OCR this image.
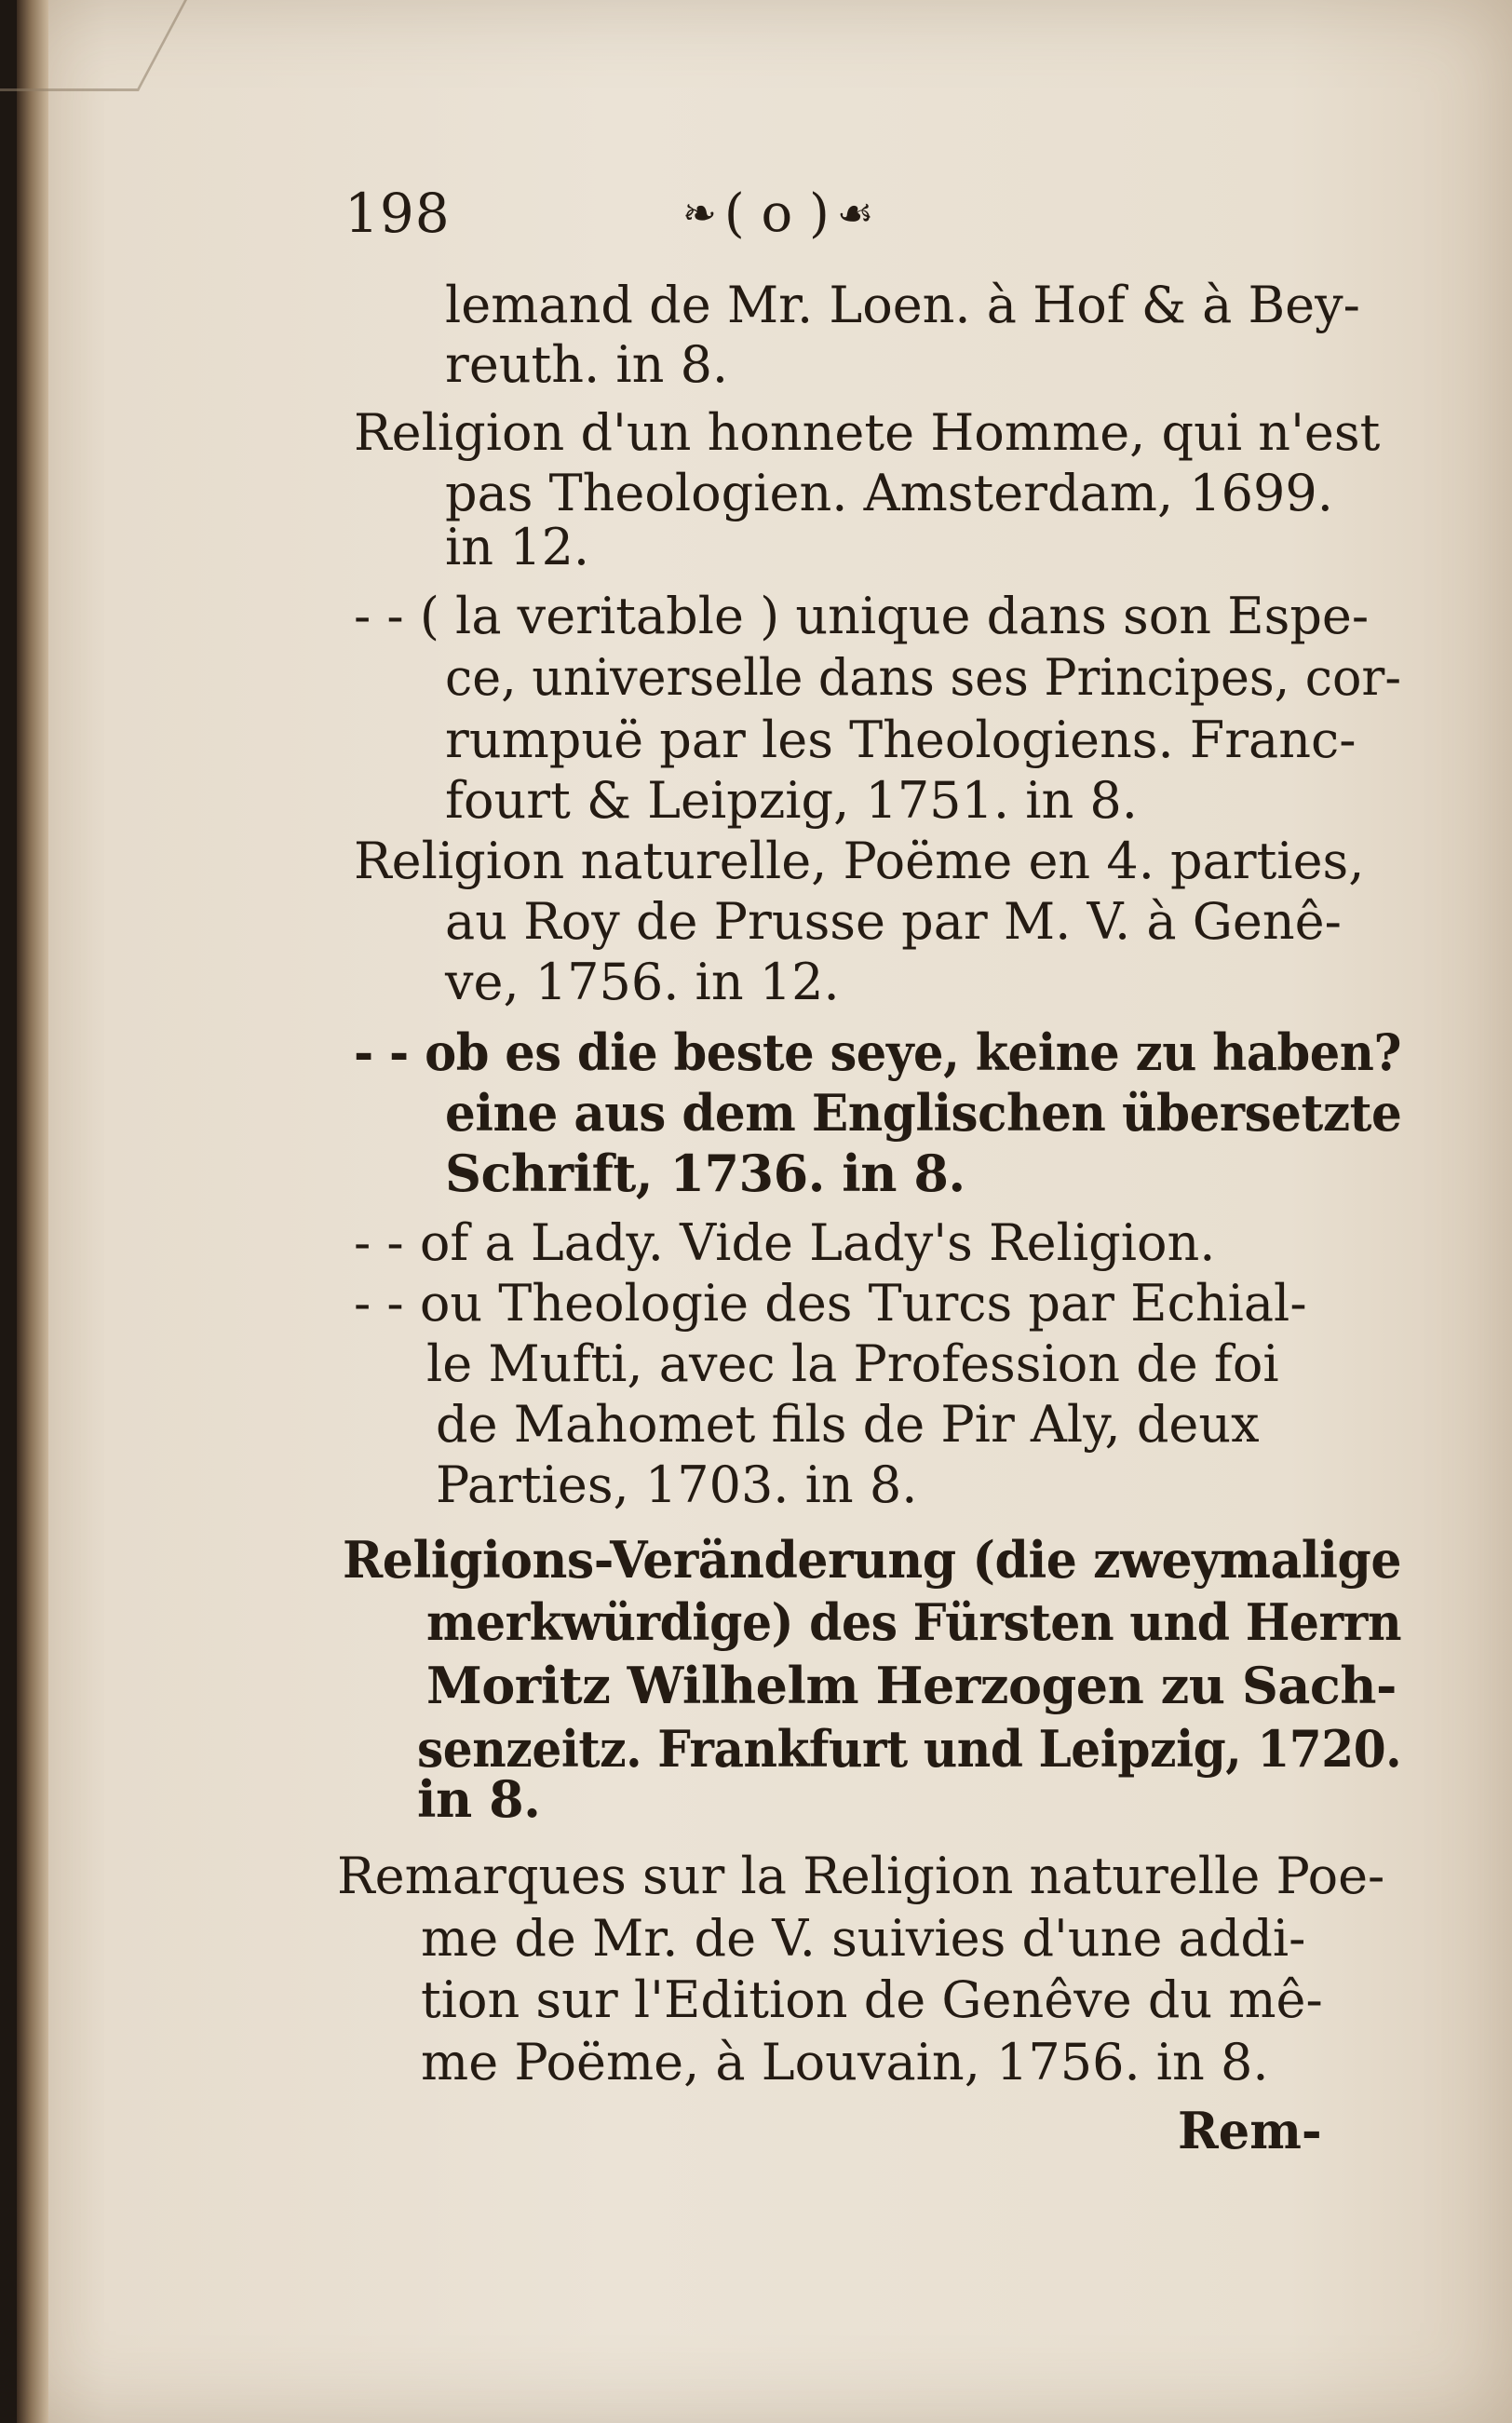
198	❧ ( o ) ☙
lemand de Mr. Loen. à Hof & à Bey-
reuth. in 8.
Religion d'un honnete Homme, qui n'est
pas Theologien. Amsterdam, 1699.
in 12.
- - ( la veritable ) unique dans son Espe-
ce, universelle dans ses Principes, cor-
rumpuë par les Theologiens. Franc-
fourt & Leipzig, 1751. in 8.
Religion naturelle, Poëme en 4. parties,
au Roy de Prusse par M. V. à Genê-
ve, 1756. in 12.
- - ob es die beste seye, keine zu haben?
eine aus dem Englischen übersetzte
Schrift, 1736. in 8.
- - of a Lady. Vide Lady's Religion.
- - ou Theologie des Turcs par Echial-
le Mufti, avec la Profession de foi
de Mahomet fils de Pir Aly, deux
Parties, 1703. in 8.
Religions-Veränderung (die zweymalige
merkwürdige) des Fürsten und Herrn
Moritz Wilhelm Herzogen zu Sach-
senzeitz. Frankfurt und Leipzig, 1720.
in 8.
Remarques sur la Religion naturelle Poe-
me de Mr. de V. suivies d'une addi-
tion sur l'Edition de Genêve du mê-
me Poëme, à Louvain, 1756. in 8.
Rem-
